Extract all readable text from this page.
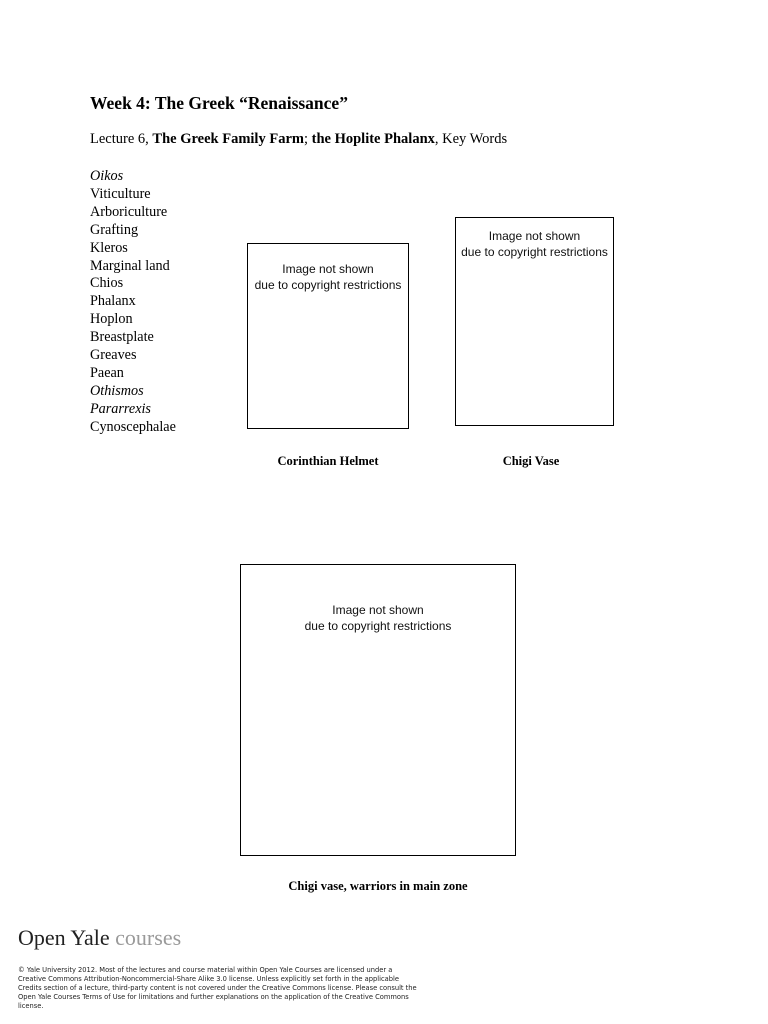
Week 4: The Greek “Renaissance”
Lecture 6, The Greek Family Farm; the Hoplite Phalanx, Key Words
Oikos
Viticulture
Arboriculture
Grafting
Kleros
Marginal land
Chios
Phalanx
Hoplon
Breastplate
Greaves
Paean
Othismos
Pararrexis
Cynoscephalae
Image not shown
due to copyright restrictions
Image not shown
due to copyright restrictions
Corinthian Helmet	Chigi Vase
Image not shown
due to copyright restrictions
Chigi vase, warriors in main zone
Open Yale courses
© Yale University 2012. Most of the lectures and course material within Open Yale Courses are licensed under a Creative Commons Attribution-Noncommercial-Share Alike 3.0 license. Unless explicitly set forth in the applicable Credits section of a lecture, third-party content is not covered under the Creative Commons license. Please consult the Open Yale Courses Terms of Use for limitations and further explanations on the application of the Creative Commons license.
